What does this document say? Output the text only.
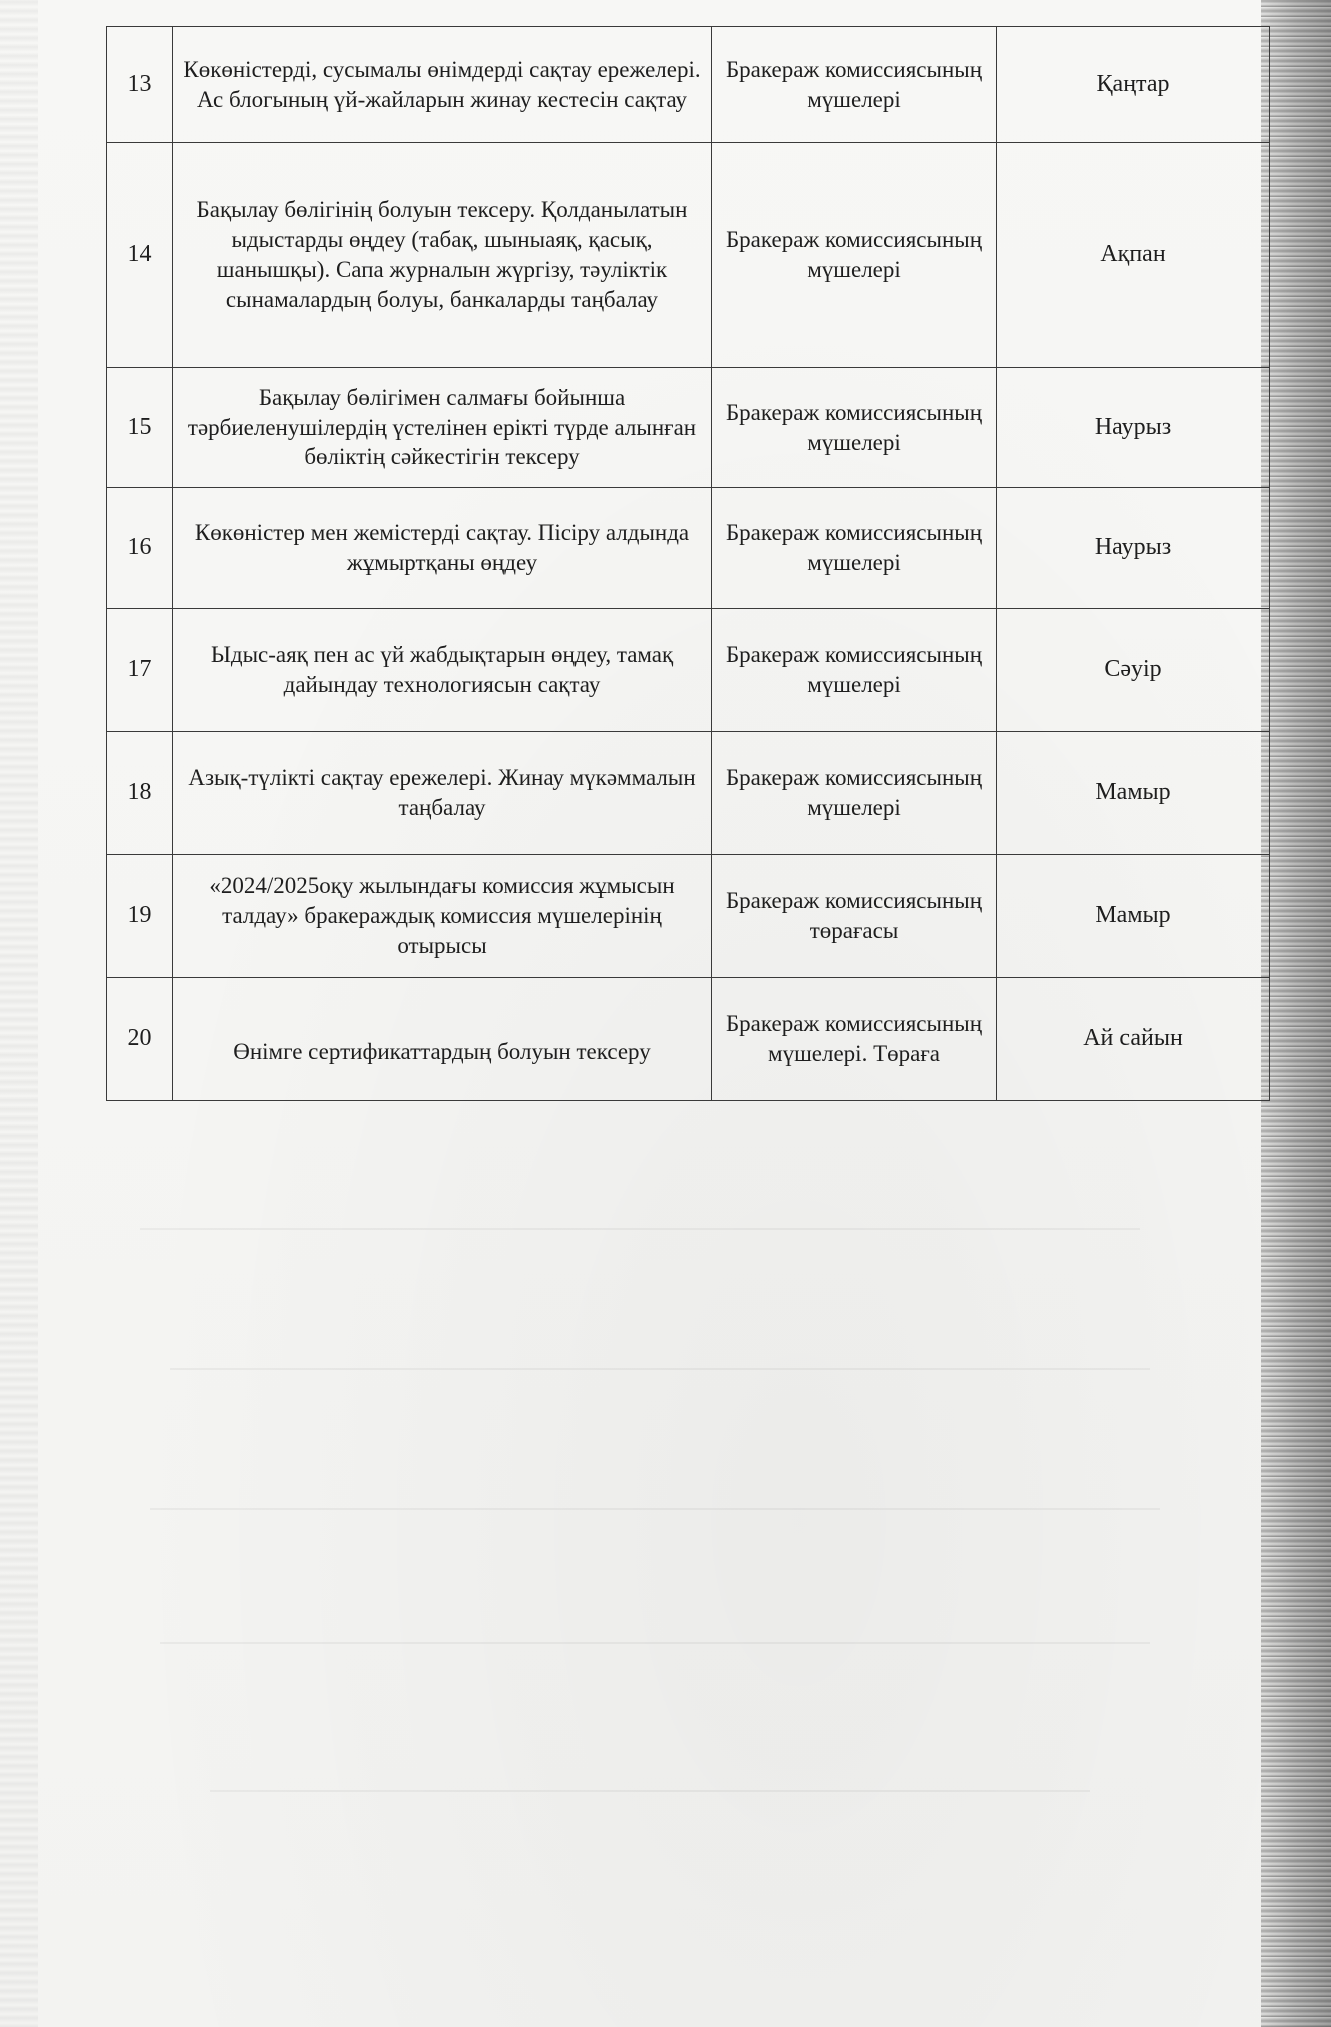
13	Көкөністерді, сусымалы өнімдерді сақтау ережелері. Ас блогының үй-жайларын жинау кестесін сақтау	Бракераж комиссиясының мүшелері	Қаңтар
14	Бақылау бөлігінің болуын тексеру. Қолданылатын ыдыстарды өңдеу (табақ, шыныаяқ, қасық, шанышқы). Сапа журналын жүргізу, тәуліктік сынамалардың болуы, банкаларды таңбалау	Бракераж комиссиясының мүшелері	Ақпан
15	Бақылау бөлігімен салмағы бойынша тәрбиеленушілердің үстелінен ерікті түрде алынған бөліктің сәйкестігін тексеру	Бракераж комиссиясының мүшелері	Наурыз
16	Көкөністер мен жемістерді сақтау. Пісіру алдында жұмыртқаны өңдеу	Бракераж комиссиясының мүшелері	Наурыз
17	Ыдыс-аяқ пен ас үй жабдықтарын өңдеу, тамақ дайындау технологиясын сақтау	Бракераж комиссиясының мүшелері	Сәуір
18	Азық-түлікті сақтау ережелері. Жинау мүкәммалын таңбалау	Бракераж комиссиясының мүшелері	Мамыр
19	«2024/2025оқу жылындағы комиссия жұмысын талдау» бракераждық комиссия мүшелерінің отырысы	Бракераж комиссиясының төрағасы	Мамыр
20	Өнімге сертификаттардың болуын тексеру	Бракераж комиссиясының мүшелері. Төраға	Ай сайын
